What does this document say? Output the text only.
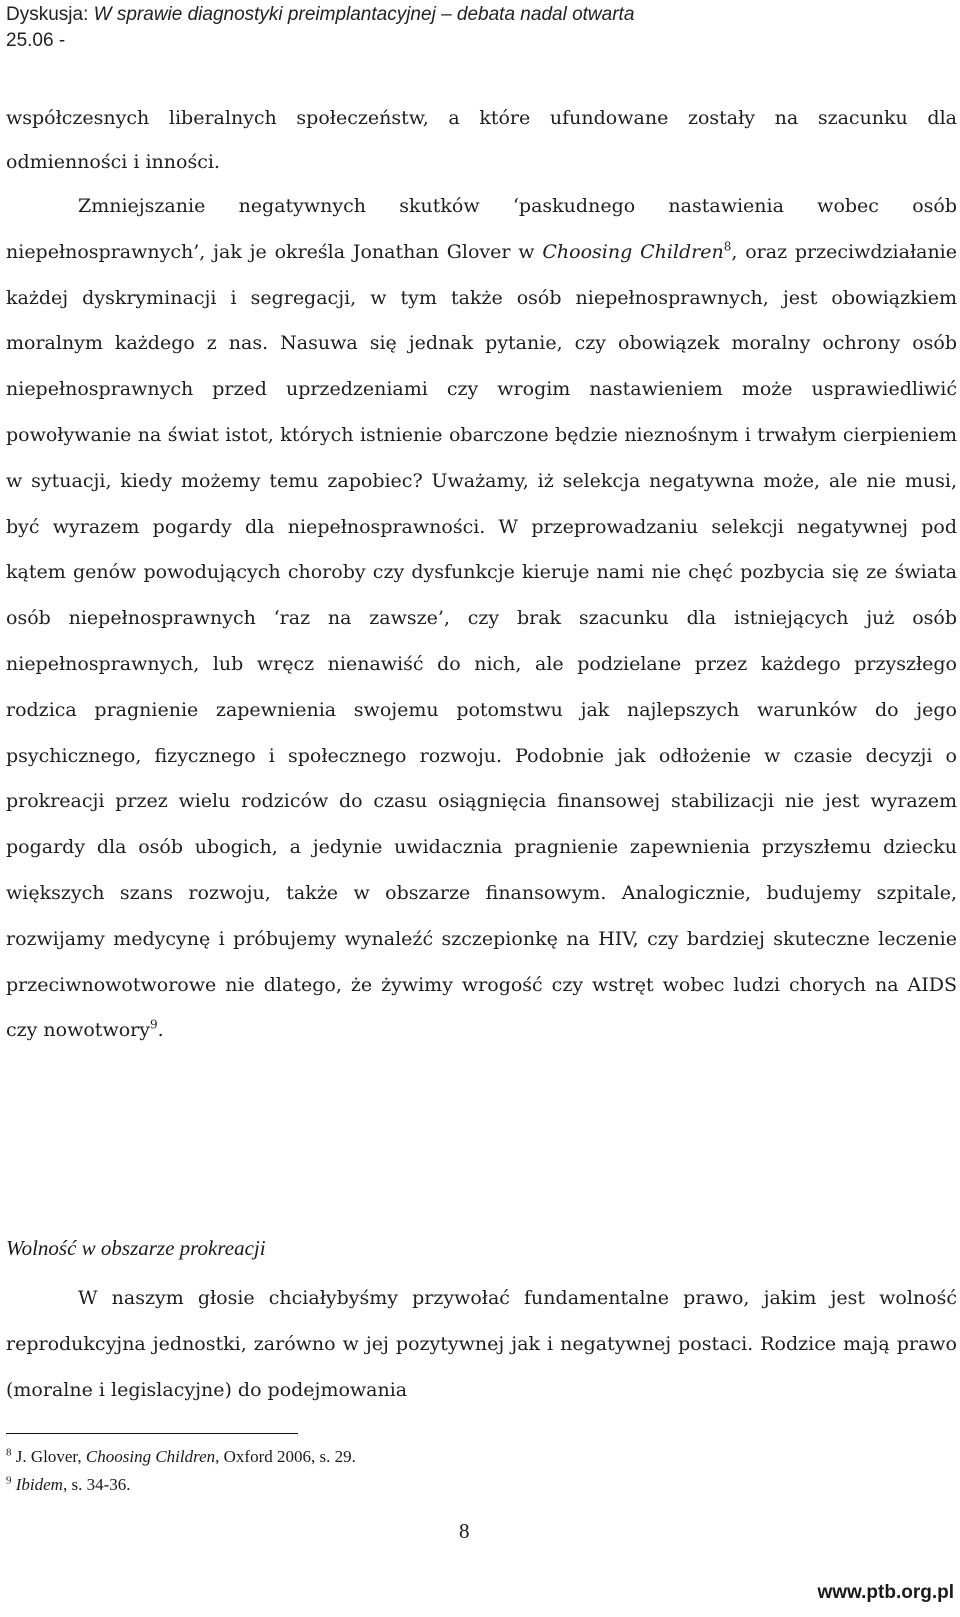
Dyskusja: W sprawie diagnostyki preimplantacyjnej – debata nadal otwarta
25.06 -

współczesnych liberalnych społeczeństw, a które ufundowane zostały na szacunku dla odmienności i inności.

Zmniejszanie negatywnych skutków ‘paskudnego nastawienia wobec osób niepełnosprawnych’, jak je określa Jonathan Glover w Choosing Children$^8$, oraz przeciwdziałanie każdej dyskryminacji i segregacji, w tym także osób niepełnosprawnych, jest obowiązkiem moralnym każdego z nas. Nasuwa się jednak pytanie, czy obowiązek moralny ochrony osób niepełnosprawnych przed uprzedzeniami czy wrogim nastawieniem może usprawiedliwić powoływanie na świat istot, których istnienie obarczone będzie nieznośnym i trwałym cierpieniem w sytuacji, kiedy możemy temu zapobiec? Uważamy, iż selekcja negatywna może, ale nie musi, być wyrazem pogardy dla niepełnosprawności. W przeprowadzaniu selekcji negatywnej pod kątem genów powodujących choroby czy dysfunkcje kieruje nami nie chęć pozbycia się ze świata osób niepełnosprawnych ‘raz na zawsze’, czy brak szacunku dla istniejących już osób niepełnosprawnych, lub wręcz nienawiść do nich, ale podzielane przez każdego przyszłego rodzica pragnienie zapewnienia swojemu potomstwu jak najlepszych warunków do jego psychicznego, fizycznego i społecznego rozwoju. Podobnie jak odłożenie w czasie decyzji o prokreacji przez wielu rodziców do czasu osiągnięcia finansowej stabilizacji nie jest wyrazem pogardy dla osób ubogich, a jedynie uwidacznia pragnienie zapewnienia przyszłemu dziecku większych szans rozwoju, także w obszarze finansowym. Analogicznie, budujemy szpitale, rozwijamy medycynę i próbujemy wynaleźć szczepionkę na HIV, czy bardziej skuteczne leczenie przeciwnowotworowe nie dlatego, że żywimy wrogość czy wstręt wobec ludzi chorych na AIDS czy nowotwory$^9$.

Wolność w obszarze prokreacji

W naszym głosie chciałybyśmy przywołać fundamentalne prawo, jakim jest wolność reprodukcyjna jednostki, zarówno w jej pozytywnej jak i negatywnej postaci. Rodzice mają prawo (moralne i legislacyjne) do podejmowania

$^8$ J. Glover, Choosing Children, Oxford 2006, s. 29.
$^9$ Ibidem, s. 34-36.
8
www.ptb.org.pl
